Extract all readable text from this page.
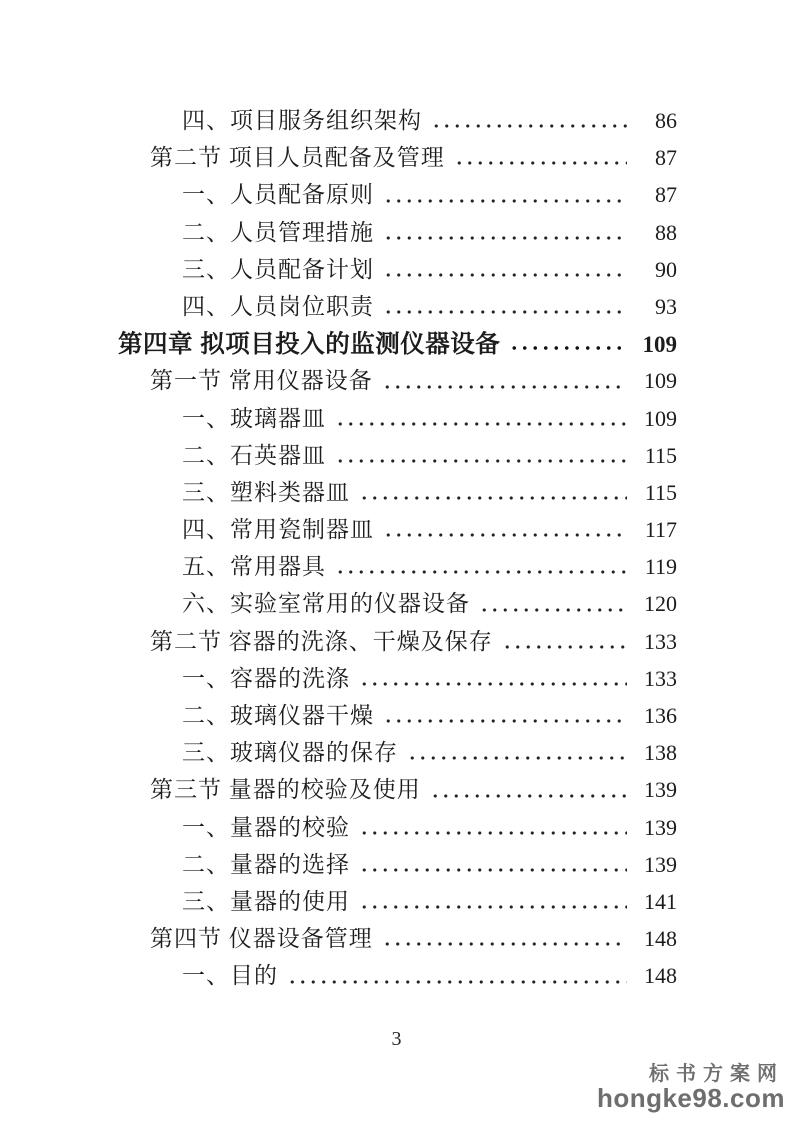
四、项目服务组织架构	86
第二节 项目人员配备及管理	87
一、人员配备原则	87
二、人员管理措施	88
三、人员配备计划	90
四、人员岗位职责	93
第四章 拟项目投入的监测仪器设备	109
第一节 常用仪器设备	109
一、玻璃器皿	109
二、石英器皿	115
三、塑料类器皿	115
四、常用瓷制器皿	117
五、常用器具	119
六、实验室常用的仪器设备	120
第二节 容器的洗涤、干燥及保存	133
一、容器的洗涤	133
二、玻璃仪器干燥	136
三、玻璃仪器的保存	138
第三节 量器的校验及使用	139
一、量器的校验	139
二、量器的选择	139
三、量器的使用	141
第四节 仪器设备管理	148
一、目的	148
3
标书方案网
hongke98.com
